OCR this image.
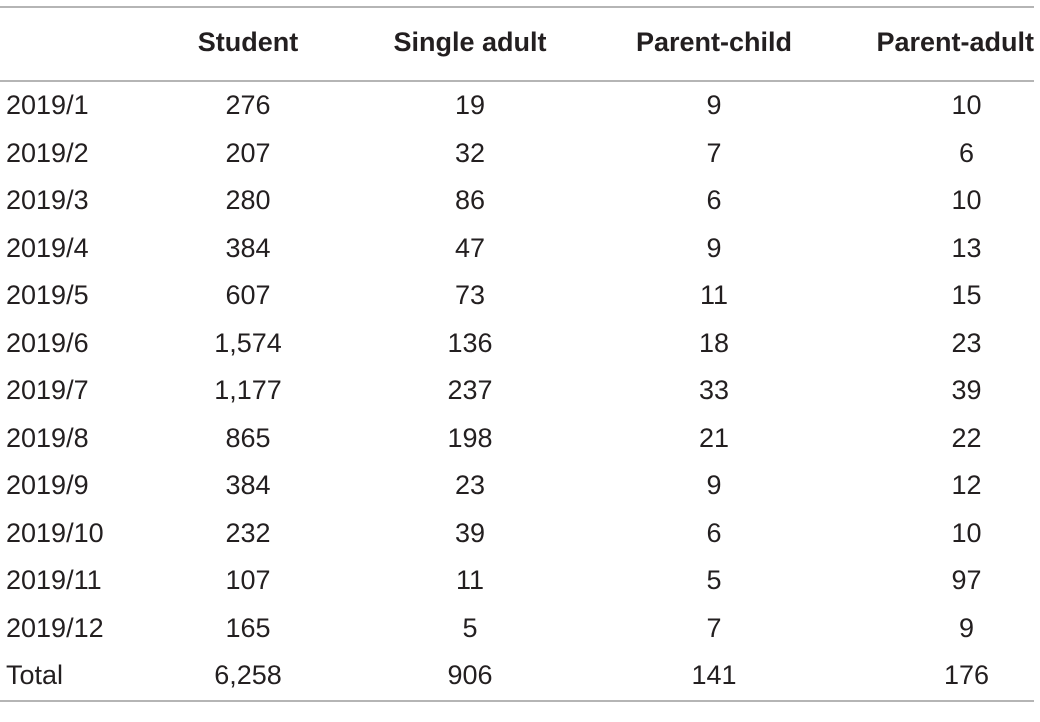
	Student	Single adult	Parent-child	Parent-adult
2019/1	276	19	9	10
2019/2	207	32	7	6
2019/3	280	86	6	10
2019/4	384	47	9	13
2019/5	607	73	11	15
2019/6	1,574	136	18	23
2019/7	1,177	237	33	39
2019/8	865	198	21	22
2019/9	384	23	9	12
2019/10	232	39	6	10
2019/11	107	11	5	97
2019/12	165	5	7	9
Total	6,258	906	141	176
